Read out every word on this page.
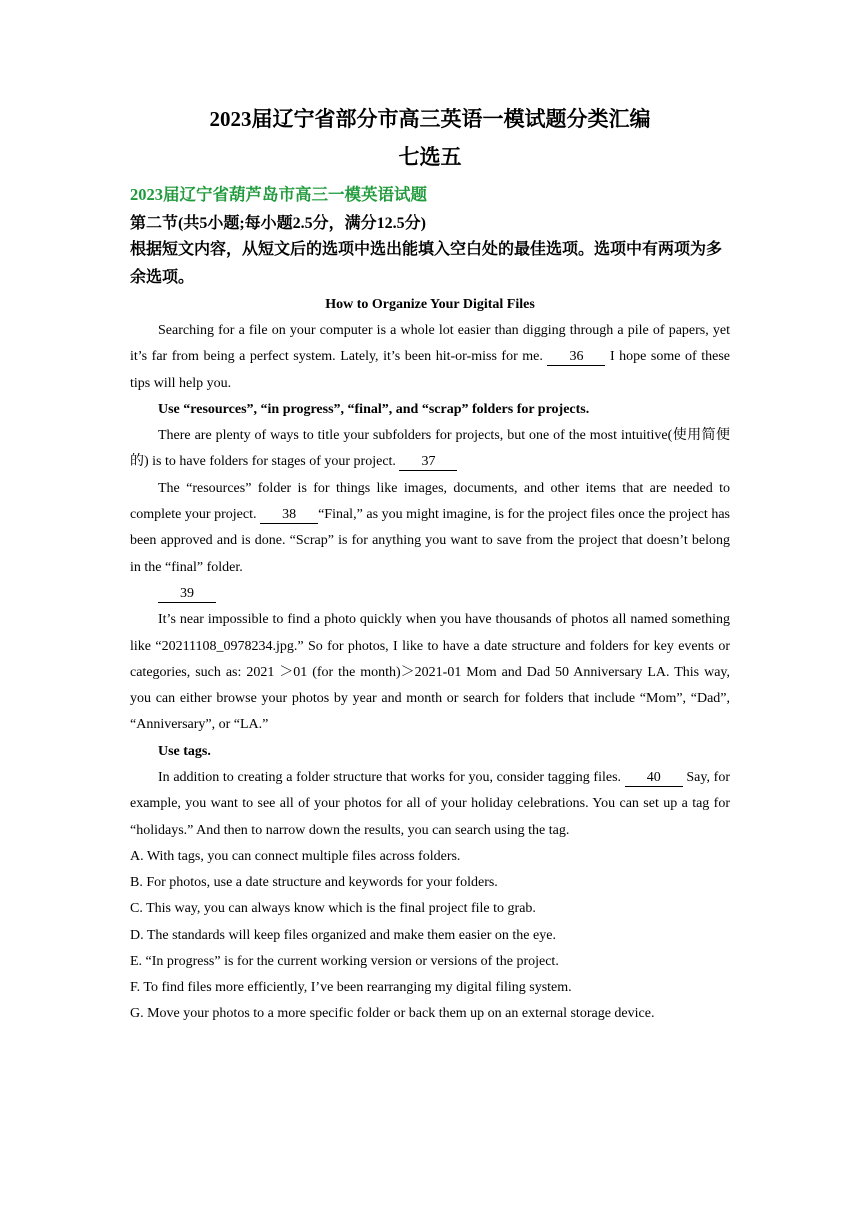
2023届辽宁省部分市高三英语一模试题分类汇编

七选五

2023届辽宁省葫芦岛市高三一模英语试题

第二节(共5小题;每小题2.5分，满分12.5分)

根据短文内容，从短文后的选项中选出能填入空白处的最佳选项。选项中有两项为多余选项。

How to Organize Your Digital Files

Searching for a file on your computer is a whole lot easier than digging through a pile of papers, yet it’s far from being a perfect system. Lately, it’s been hit-or-miss for me. 36 I hope some of these tips will help you.

Use “resources”, “in progress”, “final”, and “scrap” folders for projects.

There are plenty of ways to title your subfolders for projects, but one of the most intuitive(使用简便的) is to have folders for stages of your project. 37

The “resources” folder is for things like images, documents, and other items that are needed to complete your project. 38 “Final,” as you might imagine, is for the project files once the project has been approved and is done. “Scrap” is for anything you want to save from the project that doesn’t belong in the “final” folder.

39

It’s near impossible to find a photo quickly when you have thousands of photos all named something like “20211108_0978234.jpg.” So for photos, I like to have a date structure and folders for key events or categories, such as: 2021 ＞01 (for the month)＞2021-01 Mom and Dad 50 Anniversary LA. This way, you can either browse your photos by year and month or search for folders that include “Mom”, “Dad”, “Anniversary”, or “LA.”

Use tags.

In addition to creating a folder structure that works for you, consider tagging files. 40 Say, for example, you want to see all of your photos for all of your holiday celebrations. You can set up a tag for “holidays.” And then to narrow down the results, you can search using the tag.

A. With tags, you can connect multiple files across folders.

B. For photos, use a date structure and keywords for your folders.

C. This way, you can always know which is the final project file to grab.

D. The standards will keep files organized and make them easier on the eye.

E. “In progress” is for the current working version or versions of the project.

F. To find files more efficiently, I’ve been rearranging my digital filing system.

G. Move your photos to a more specific folder or back them up on an external storage device.
